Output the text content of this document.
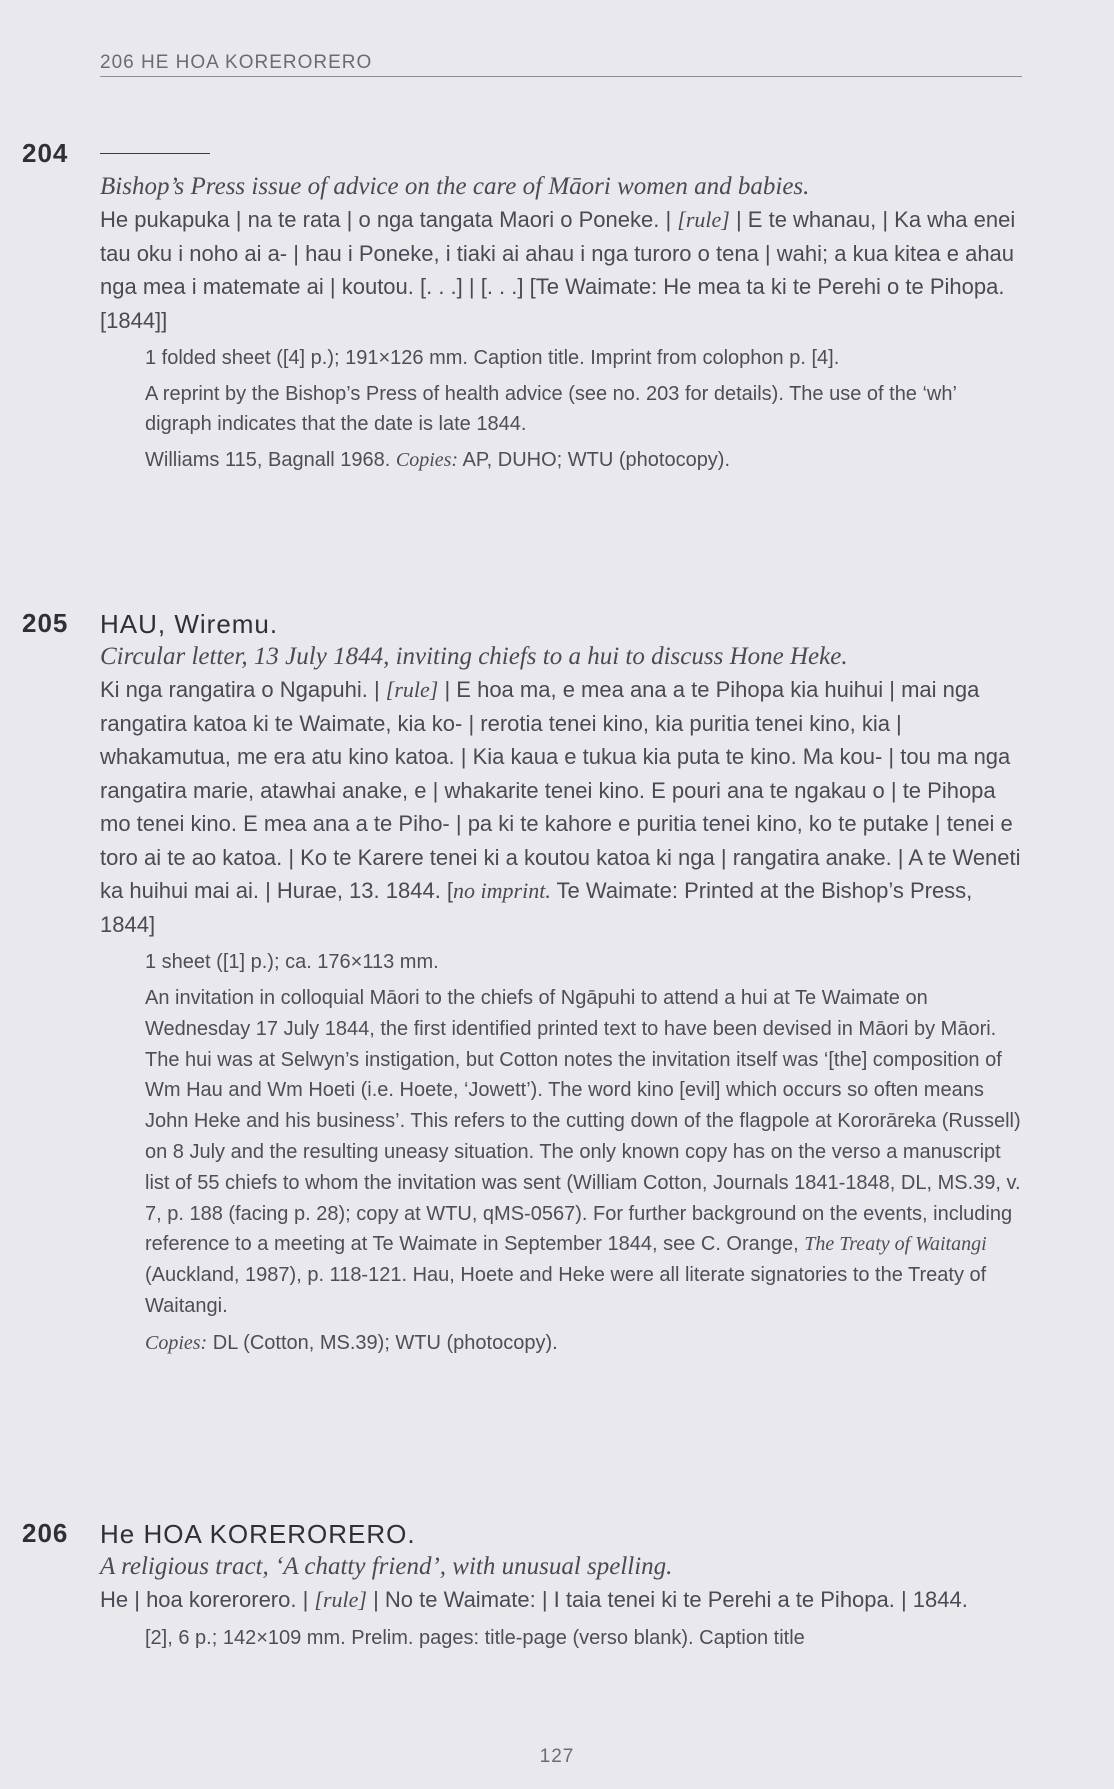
206 HE HOA KORERORERO
204
Bishop’s Press issue of advice on the care of Māori women and babies.
He pukapuka | na te rata | o nga tangata Maori o Poneke. | [rule] | E te whanau, | Ka wha enei tau oku i noho ai a- | hau i Poneke, i tiaki ai ahau i nga turoro o tena | wahi; a kua kitea e ahau nga mea i matemate ai | koutou. [. . .] | [. . .] [Te Waimate: He mea ta ki te Perehi o te Pihopa. [1844]]
1 folded sheet ([4] p.); 191×126 mm. Caption title. Imprint from colophon p. [4].
A reprint by the Bishop’s Press of health advice (see no. 203 for details). The use of the ‘wh’ digraph indicates that the date is late 1844.
Williams 115, Bagnall 1968. Copies: AP, DUHO; WTU (photocopy).
205 HAU, Wiremu.
Circular letter, 13 July 1844, inviting chiefs to a hui to discuss Hone Heke.
Ki nga rangatira o Ngapuhi. | [rule] | E hoa ma, e mea ana a te Pihopa kia huihui | mai nga rangatira katoa ki te Waimate, kia ko- | rerotia tenei kino, kia puritia tenei kino, kia | whakamutua, me era atu kino katoa. | Kia kaua e tukua kia puta te kino. Ma kou- | tou ma nga rangatira marie, atawhai anake, e | whakarite tenei kino. E pouri ana te ngakau o | te Pihopa mo tenei kino. E mea ana a te Piho- | pa ki te kahore e puritia tenei kino, ko te putake | tenei e toro ai te ao katoa. | Ko te Karere tenei ki a koutou katoa ki nga | rangatira anake. | A te Weneti ka huihui mai ai. | Hurae, 13. 1844. [no imprint. Te Waimate: Printed at the Bishop’s Press, 1844]
1 sheet ([1] p.); ca. 176×113 mm.
An invitation in colloquial Māori to the chiefs of Ngāpuhi to attend a hui at Te Waimate on Wednesday 17 July 1844, the first identified printed text to have been devised in Māori by Māori. The hui was at Selwyn’s instigation, but Cotton notes the invitation itself was ‘[the] composition of Wm Hau and Wm Hoeti (i.e. Hoete, ‘Jowett’). The word kino [evil] which occurs so often means John Heke and his business’. This refers to the cutting down of the flagpole at Kororāreka (Russell) on 8 July and the resulting uneasy situation. The only known copy has on the verso a manuscript list of 55 chiefs to whom the invitation was sent (William Cotton, Journals 1841-1848, DL, MS.39, v. 7, p. 188 (facing p. 28); copy at WTU, qMS-0567). For further background on the events, including reference to a meeting at Te Waimate in September 1844, see C. Orange, The Treaty of Waitangi (Auckland, 1987), p. 118-121. Hau, Hoete and Heke were all literate signatories to the Treaty of Waitangi.
Copies: DL (Cotton, MS.39); WTU (photocopy).
206 He HOA KORERORERO.
A religious tract, ‘A chatty friend’, with unusual spelling.
He | hoa korerorero. | [rule] | No te Waimate: | I taia tenei ki te Perehi a te Pihopa. | 1844.
[2], 6 p.; 142×109 mm. Prelim. pages: title-page (verso blank). Caption title
127
